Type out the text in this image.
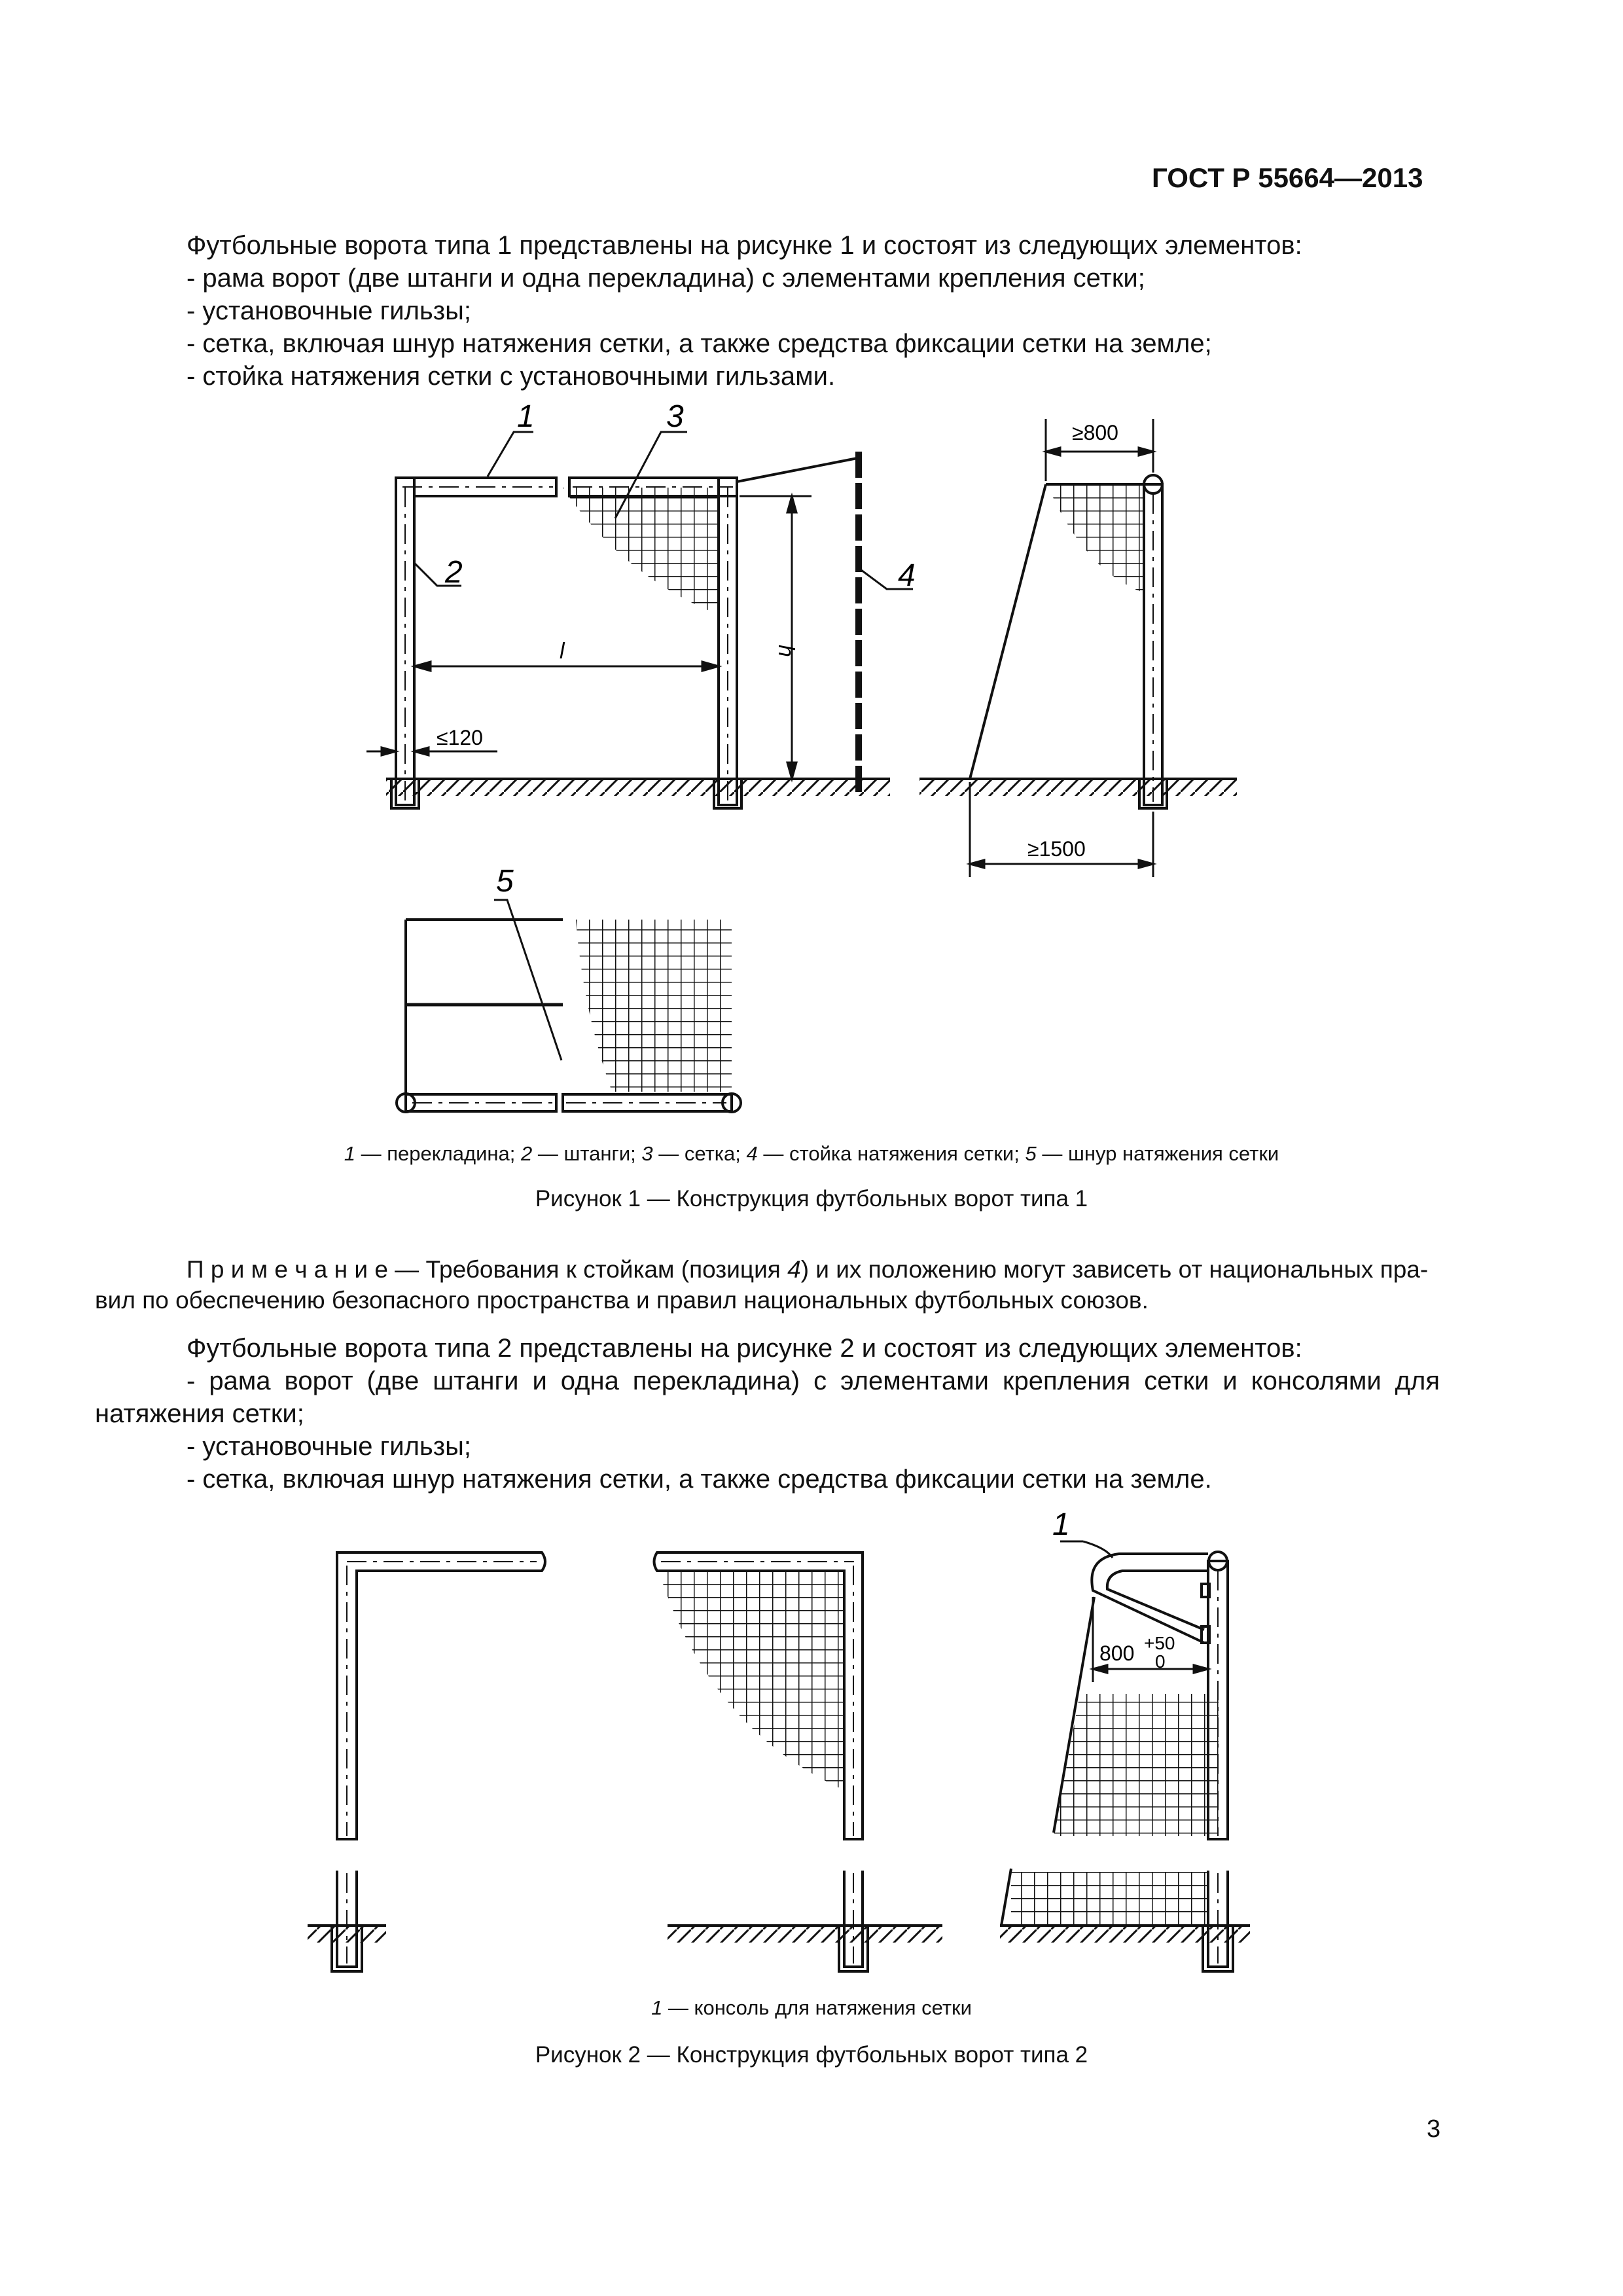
ГОСТ Р 55664—2013
Футбольные ворота типа 1 представлены на рисунке 1 и состоят из следующих элементов:
- рама ворот (две штанги и одна перекладина) с элементами крепления сетки;
- установочные гильзы;
- сетка, включая шнур натяжения сетки, а также средства фиксации сетки на земле;
- стойка натяжения сетки с установочными гильзами.
1
2
3
4
5
l	h
≤120
≥800
≥1500
1 — перекладина; 2 — штанги; 3 — сетка; 4 — стойка натяжения сетки; 5 — шнур натяжения сетки
Рисунок 1 — Конструкция футбольных ворот типа 1
П р и м е ч а н и е — Требования к стойкам (позиция 4) и их положению могут зависеть от национальных пра-
вил по обеспечению безопасного пространства и правил национальных футбольных союзов.
Футбольные ворота типа 2 представлены на рисунке 2 и состоят из следующих элементов:
- рама ворот (две штанги и одна перекладина) с элементами крепления сетки и консолями для
натяжения сетки;
- установочные гильзы;
- сетка, включая шнур натяжения сетки, а также средства фиксации сетки на земле.
1
800 +50
0
1 — консоль для натяжения сетки
Рисунок 2 — Конструкция футбольных ворот типа 2
3
